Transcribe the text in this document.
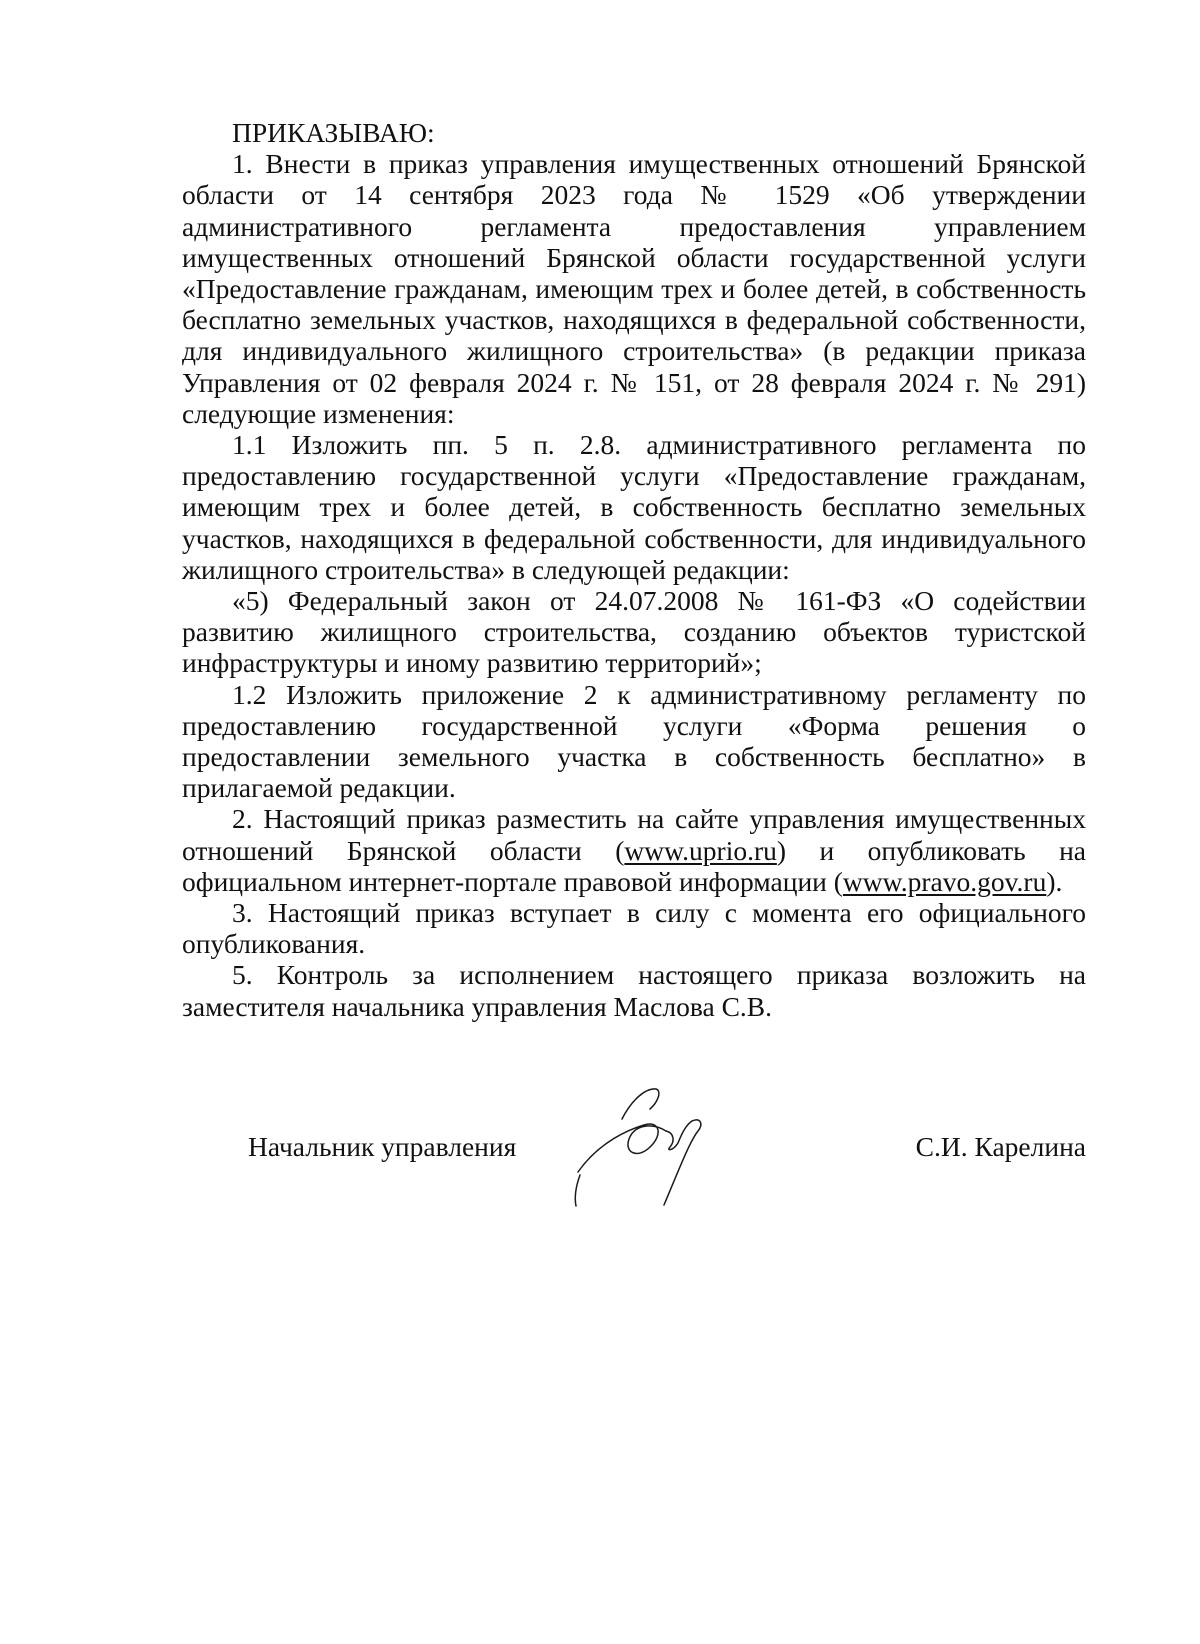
ПРИКАЗЫВАЮ:

1. Внести в приказ управления имущественных отношений Брянской области от 14 сентября 2023 года № 1529 «Об утверждении административного регламента предоставления управлением имущественных отношений Брянской области государственной услуги «Предоставление гражданам, имеющим трех и более детей, в собственность бесплатно земельных участков, находящихся в федеральной собственности, для индивидуального жилищного строительства» (в редакции приказа Управления от 02 февраля 2024 г. № 151, от 28 февраля 2024 г. № 291) следующие изменения:

1.1 Изложить пп. 5 п. 2.8. административного регламента по предоставлению государственной услуги «Предоставление гражданам, имеющим трех и более детей, в собственность бесплатно земельных участков, находящихся в федеральной собственности, для индивидуального жилищного строительства» в следующей редакции:

«5) Федеральный закон от 24.07.2008 № 161-ФЗ «О содействии развитию жилищного строительства, созданию объектов туристской инфраструктуры и иному развитию территорий»;

1.2 Изложить приложение 2 к административному регламенту по предоставлению государственной услуги «Форма решения о предоставлении земельного участка в собственность бесплатно» в прилагаемой редакции.

2. Настоящий приказ разместить на сайте управления имущественных отношений Брянской области (www.uprio.ru) и опубликовать на официальном интернет-портале правовой информации (www.pravo.gov.ru).

3. Настоящий приказ вступает в силу с момента его официального опубликования.

5. Контроль за исполнением настоящего приказа возложить на заместителя начальника управления Маслова С.В.

Начальник управления	С.И. Карелина
